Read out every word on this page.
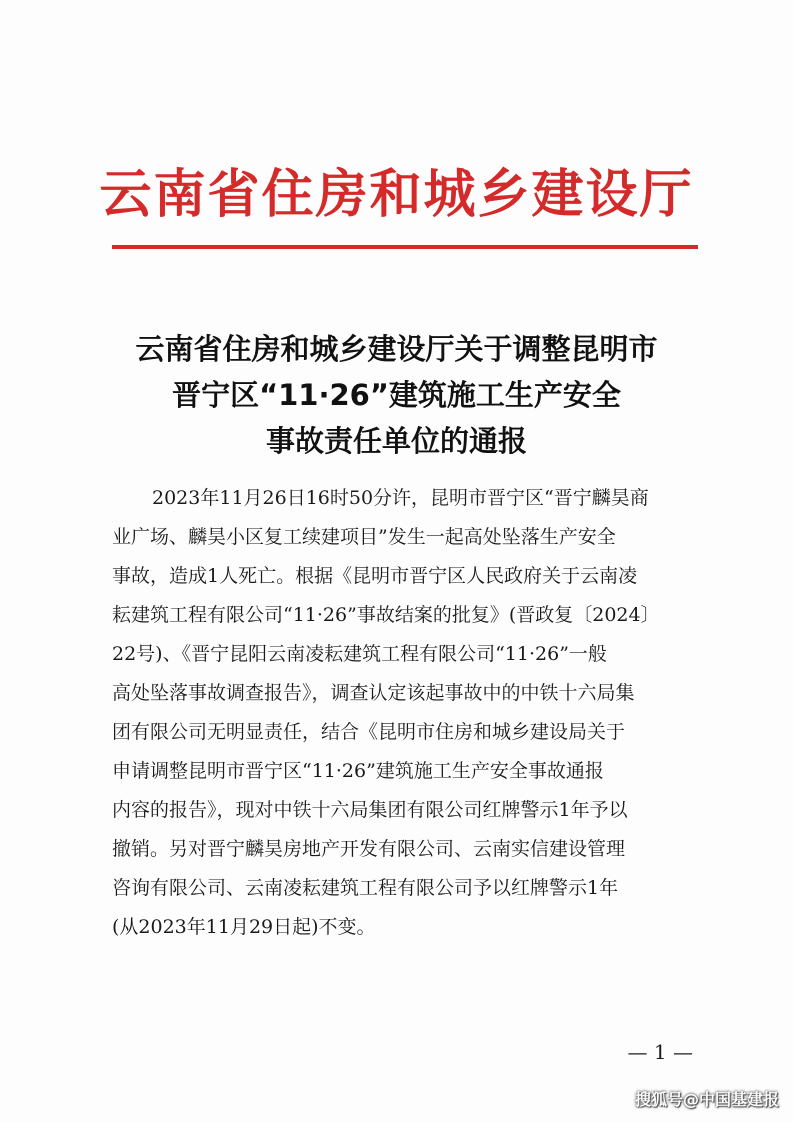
云南省住房和城乡建设厅
云南省住房和城乡建设厅关于调整昆明市
晋宁区“11·26”建筑施工生产安全
事故责任单位的通报
2023年11月26日16时50分许，昆明市晋宁区“晋宁麟昊商
业广场、麟昊小区复工续建项目”发生一起高处坠落生产安全
事故，造成1人死亡。根据《昆明市晋宁区人民政府关于云南凌
耘建筑工程有限公司“11·26”事故结案的批复》(晋政复〔2024〕
22号)、《晋宁昆阳云南凌耘建筑工程有限公司“11·26”一般
高处坠落事故调查报告》，调查认定该起事故中的中铁十六局集
团有限公司无明显责任，结合《昆明市住房和城乡建设局关于
申请调整昆明市晋宁区“11·26”建筑施工生产安全事故通报
内容的报告》，现对中铁十六局集团有限公司红牌警示1年予以
撤销。另对晋宁麟昊房地产开发有限公司、云南实信建设管理
咨询有限公司、云南凌耘建筑工程有限公司予以红牌警示1年
(从2023年11月29日起)不变。
— 1 —
搜狐号@中国基建报
